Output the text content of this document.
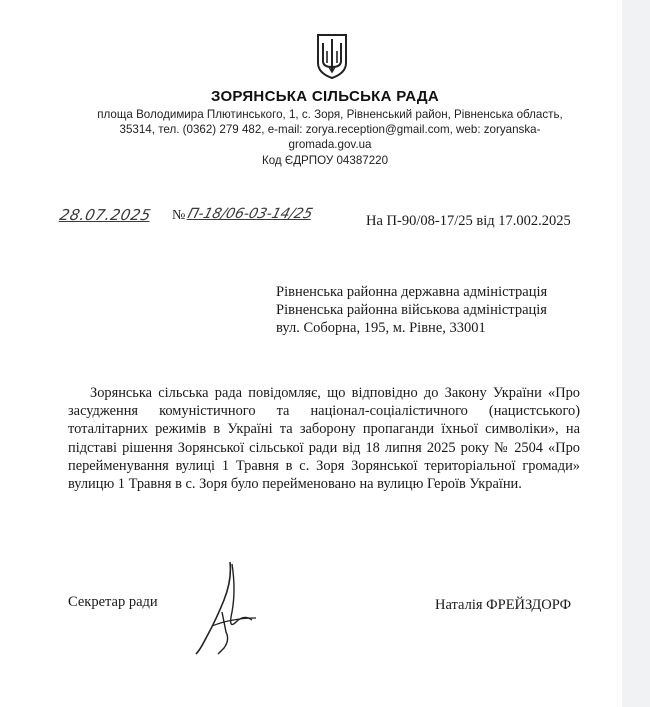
ЗОРЯНСЬКА СІЛЬСЬКА РАДА
площа Володимира Плютинського, 1, с. Зоря, Рівненський район, Рівненська область,
35314, тел. (0362) 279 482, e-mail: zorya.reception@gmail.com, web: zoryanska-
gromada.gov.ua
Код ЄДРПОУ 04387220
28.07.2025 № П-18/06-03-14/25	На П-90/08-17/25 від 17.002.2025
Рівненська районна державна адміністрація
Рівненська районна військова адміністрація
вул. Соборна, 195, м. Рівне, 33001
Зорянська сільська рада повідомляє, що відповідно до Закону України «Про засудження комуністичного та націонал-соціалістичного (нацистського) тоталітарних режимів в Україні та заборону пропаганди їхньої символіки», на підставі рішення Зорянської сільської ради від 18 липня 2025 року № 2504 «Про перейменування вулиці 1 Травня в с. Зоря Зорянської територіальної громади» вулицю 1 Травня в с. Зоря було перейменовано на вулицю Героїв України.
Секретар ради	Наталія ФРЕЙЗДОРФ
